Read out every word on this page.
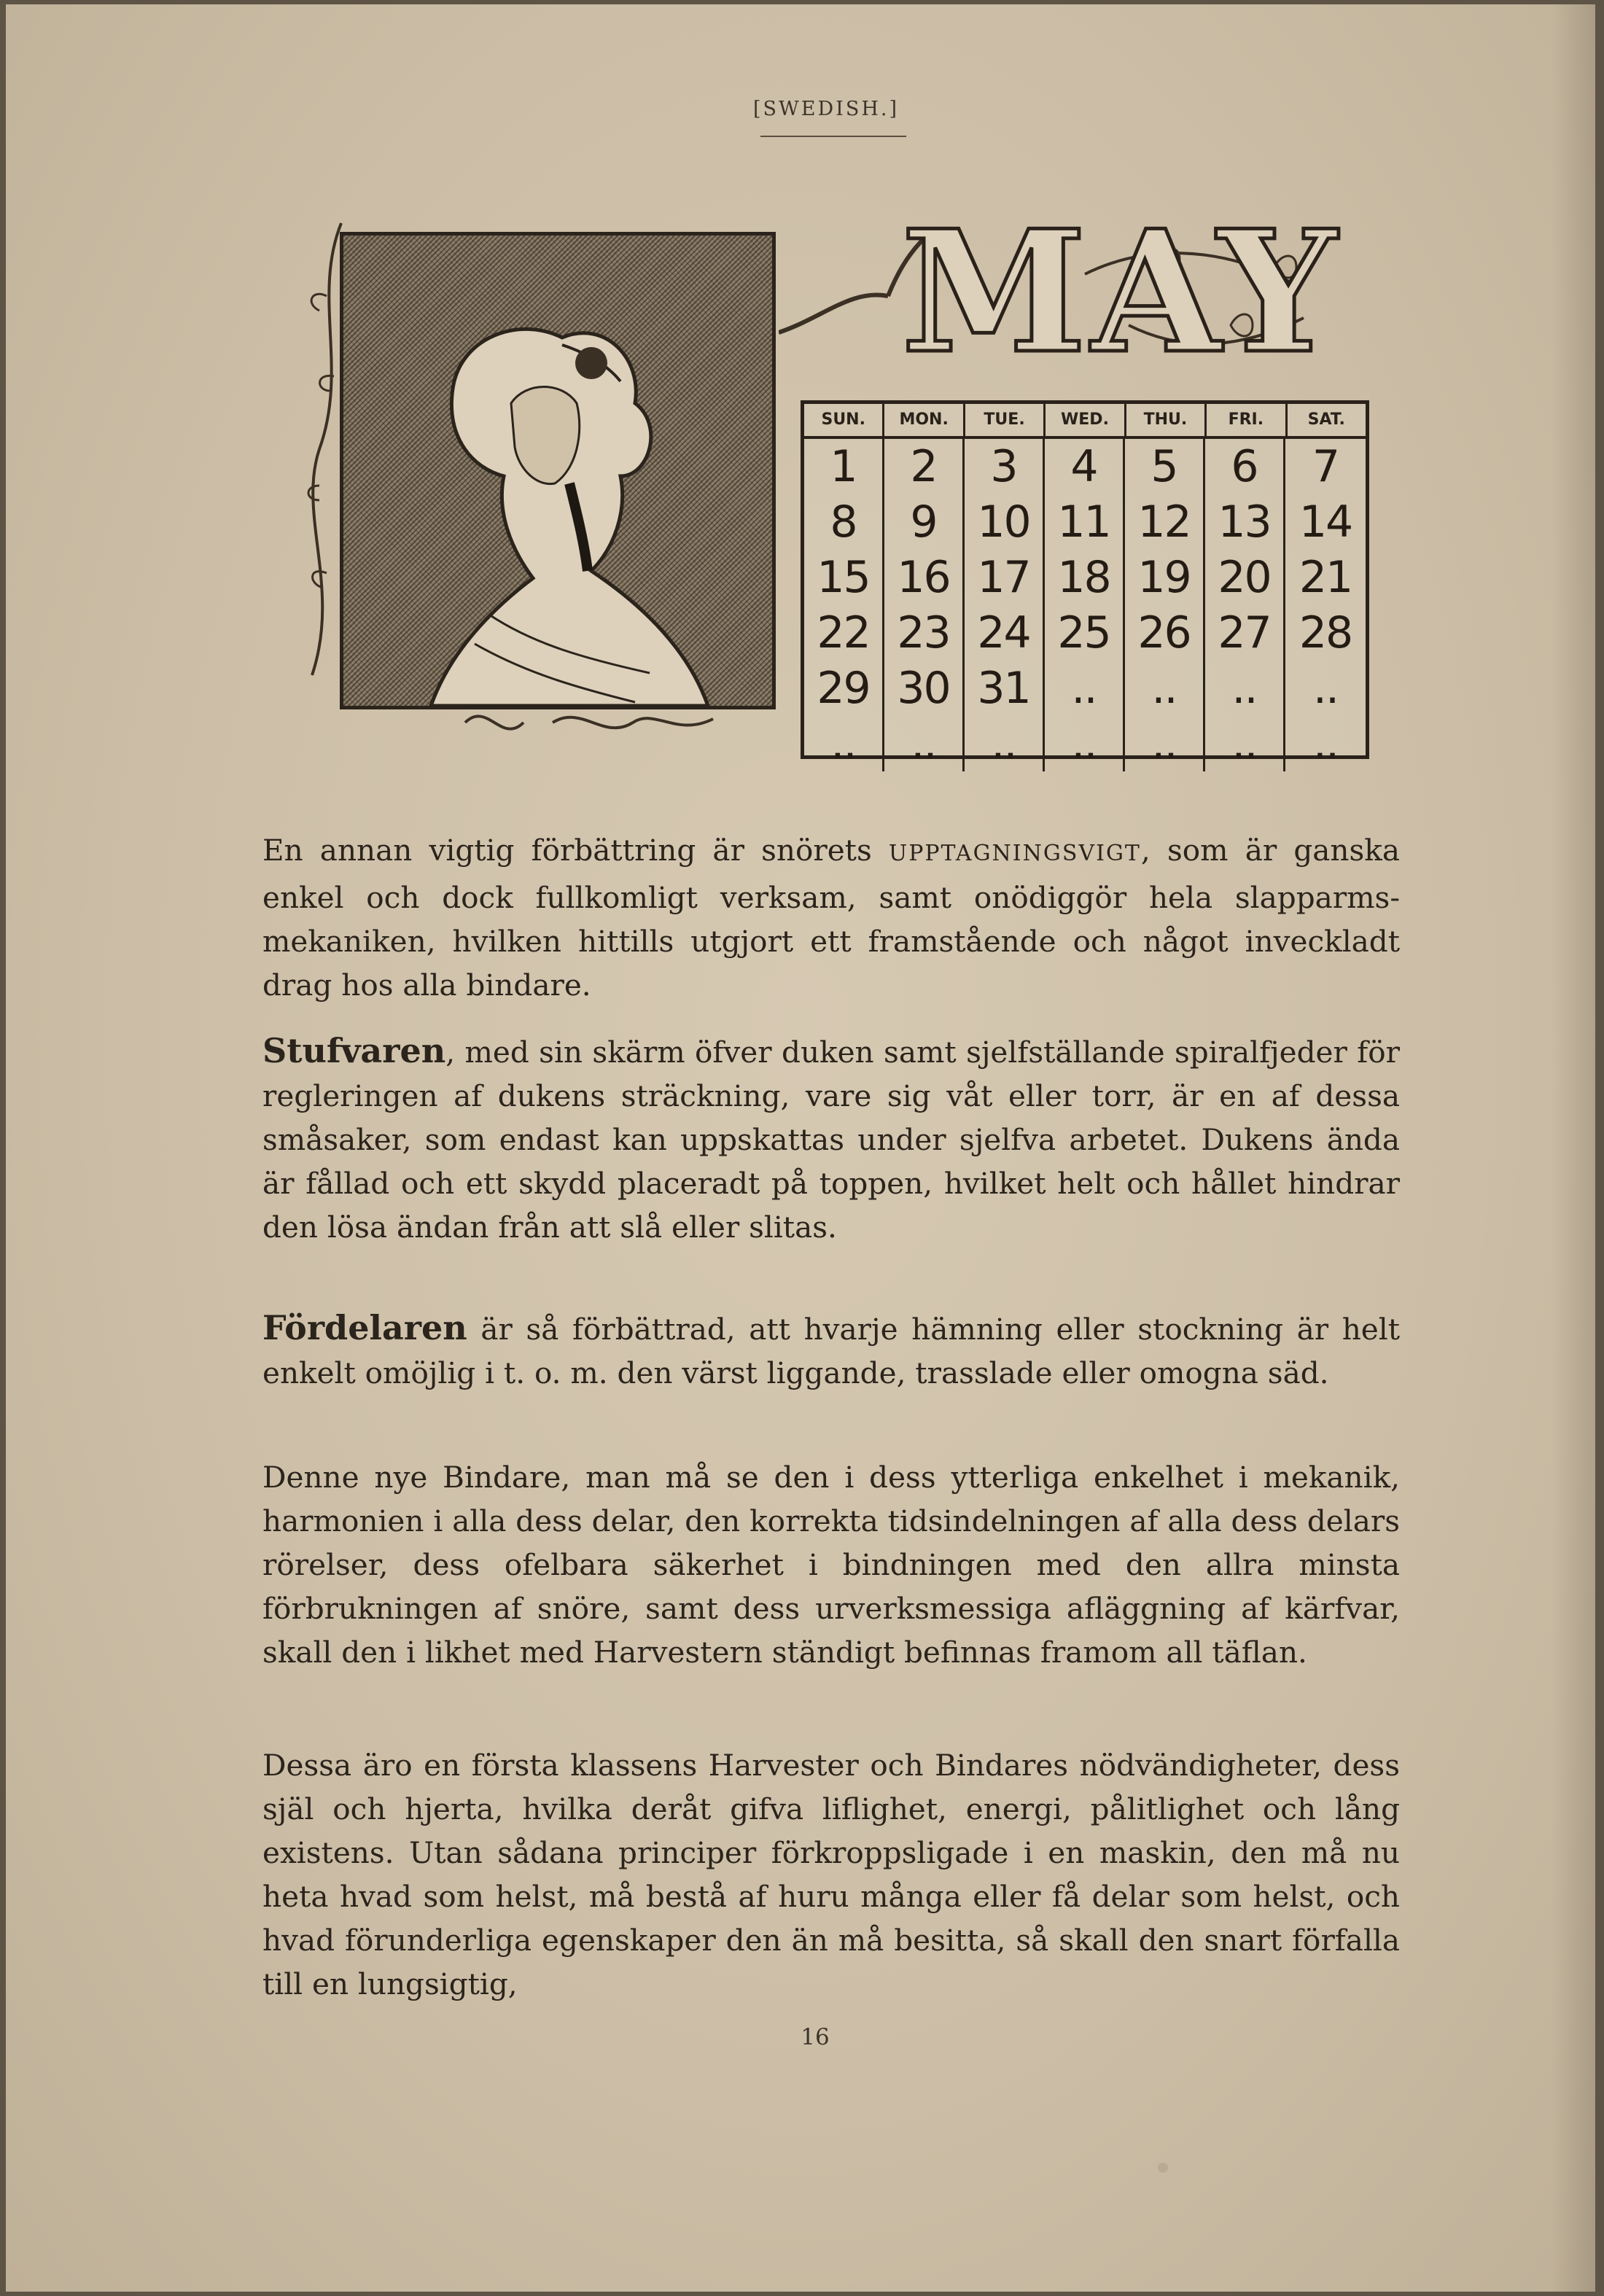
[SWEDISH.]
MAY
SUN.	MON.	TUE.	WED.	THU.	FRI.	SAT.
1	2	3	4	5	6	7
8	9 10 11 12 13 14
15 16 17 18 19 20 21
22 23 24 25 26 27 28
29 30 31 ..	..	..	..
..	..	..	..	..	..	..

En annan vigtig förbättring är snörets UPPTAGNINGSVIGT, som är ganska enkel och dock fullkomligt verksam, samt onödiggör hela slapparms-mekaniken, hvilken hittills utgjort ett framstående och något inveckladt drag hos alla bindare.

Stufvaren, med sin skärm öfver duken samt sjelfställande spiralfjeder för regleringen af dukens sträckning, vare sig våt eller torr, är en af dessa småsaker, som endast kan uppskattas under sjelfva arbetet. Dukens ända är fållad och ett skydd placeradt på toppen, hvilket helt och hållet hindrar den lösa ändan från att slå eller slitas.

Fördelaren är så förbättrad, att hvarje hämning eller stockning är helt enkelt omöjlig i t. o. m. den värst liggande, trasslade eller omogna säd.

Denne nye Bindare, man må se den i dess ytterliga enkelhet i mekanik, harmonien i alla dess delar, den korrekta tidsindelningen af alla dess delars rörelser, dess ofelbara säkerhet i bindningen med den allra minsta förbrukningen af snöre, samt dess urverksmessiga afläggning af kärfvar, skall den i likhet med Harvestern ständigt befinnas framom all täflan.

Dessa äro en första klassens Harvester och Bindares nödvändigheter, dess själ och hjerta, hvilka deråt gifva liflighet, energi, pålitlighet och lång existens. Utan sådana principer förkroppsligade i en maskin, den må nu heta hvad som helst, må bestå af huru många eller få delar som helst, och hvad förunderliga egenskaper den än må besitta, så skall den snart förfalla till en lungsigtig,

16
